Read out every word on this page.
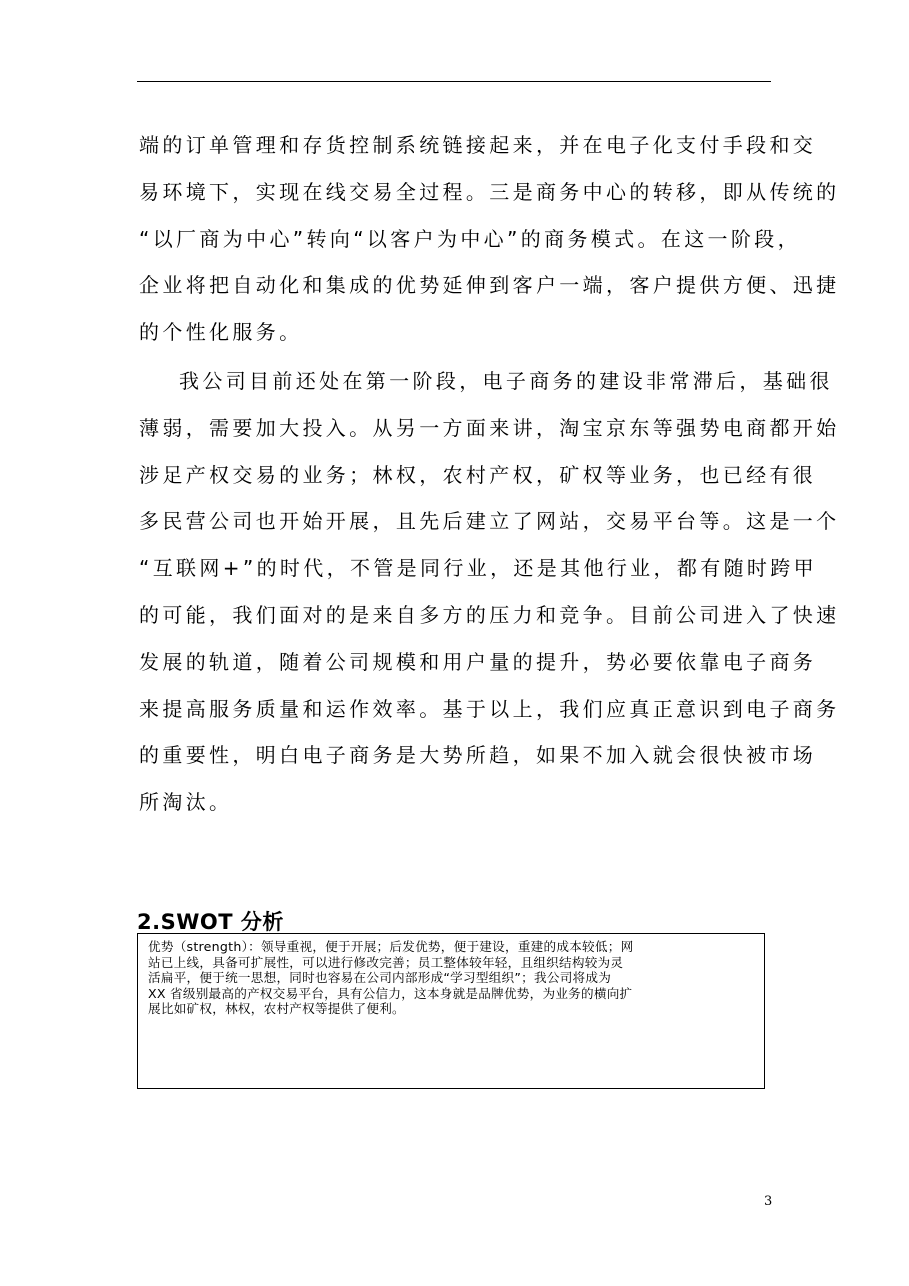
端的订单管理和存货控制系统链接起来，并在电子化支付手段和交
易环境下，实现在线交易全过程。三是商务中心的转移，即从传统的
“以厂商为中心”转向“以客户为中心”的商务模式。在这一阶段，
企业将把自动化和集成的优势延伸到客户一端，客户提供方便、迅捷
的个性化服务。
我公司目前还处在第一阶段，电子商务的建设非常滞后，基础很
薄弱，需要加大投入。从另一方面来讲，淘宝京东等强势电商都开始
涉足产权交易的业务；林权，农村产权，矿权等业务，也已经有很
多民营公司也开始开展，且先后建立了网站，交易平台等。这是一个
“互联网+”的时代，不管是同行业，还是其他行业，都有随时跨甲
的可能，我们面对的是来自多方的压力和竞争。目前公司进入了快速
发展的轨道，随着公司规模和用户量的提升，势必要依靠电子商务
来提高服务质量和运作效率。基于以上，我们应真正意识到电子商务
的重要性，明白电子商务是大势所趋，如果不加入就会很快被市场
所淘汰。
2.SWOT 分析
优势（strength）：领导重视，便于开展；后发优势，便于建设，重建的成本较低；网
站已上线，具备可扩展性，可以进行修改完善；员工整体较年轻，且组织结构较为灵
活扁平，便于统一思想，同时也容易在公司内部形成“学习型组织”；我公司将成为
XX 省级别最高的产权交易平台，具有公信力，这本身就是品牌优势，为业务的横向扩
展比如矿权，林权，农村产权等提供了便利。
3
